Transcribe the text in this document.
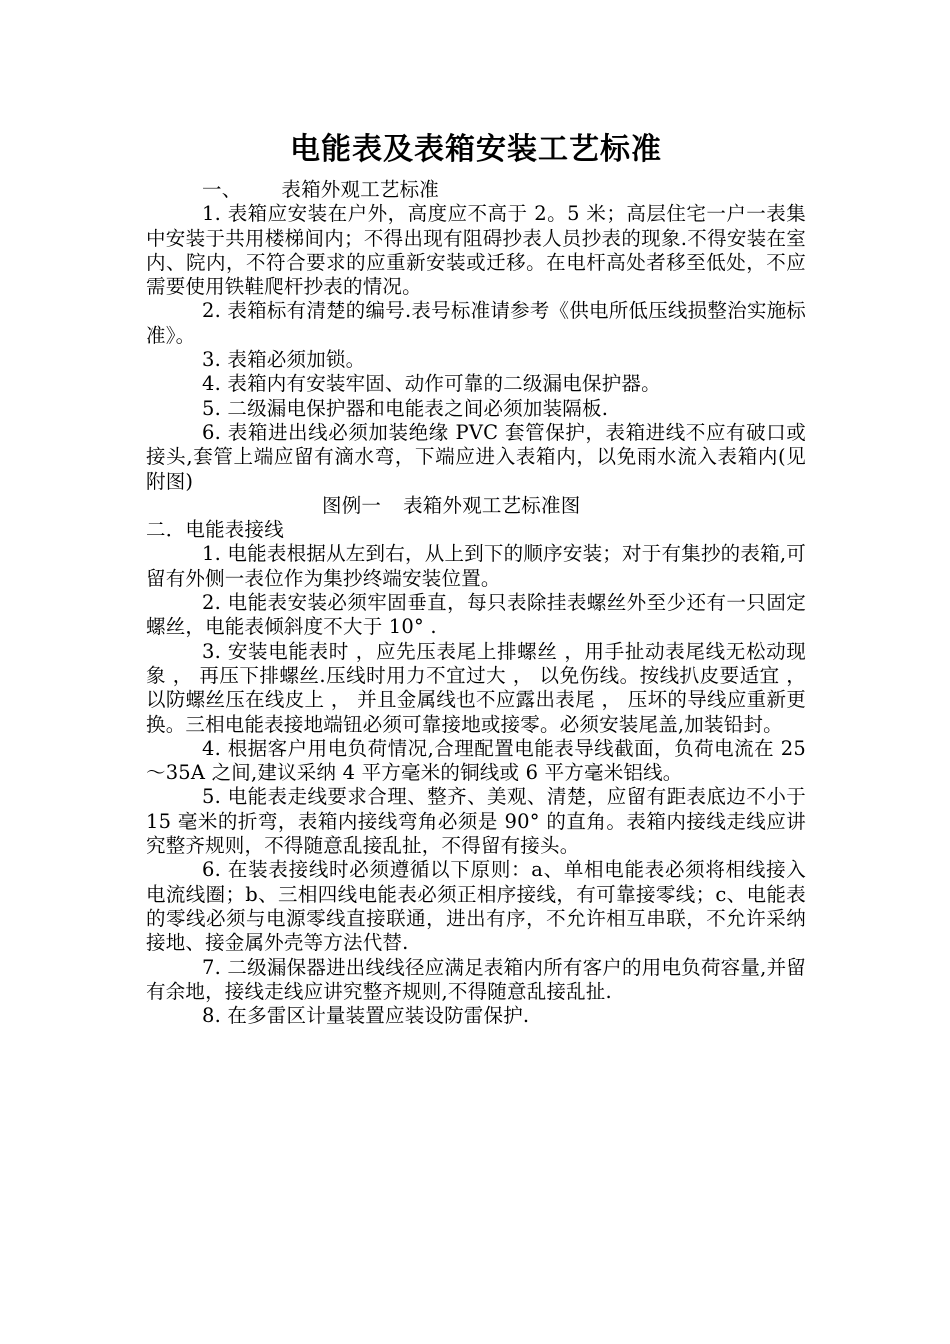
电能表及表箱安装工艺标准
一、 表箱外观工艺标准

1. 表箱应安装在户外，高度应不高于 2。5 米；高层住宅一户一表集中安装于共用楼梯间内；不得出现有阻碍抄表人员抄表的现象.不得安装在室内、院内，不符合要求的应重新安装或迁移。在电杆高处者移至低处，不应需要使用铁鞋爬杆抄表的情况。

2. 表箱标有清楚的编号.表号标准请参考《供电所低压线损整治实施标准》。

3. 表箱必须加锁。

4. 表箱内有安装牢固、动作可靠的二级漏电保护器。

5. 二级漏电保护器和电能表之间必须加装隔板.

6. 表箱进出线必须加装绝缘 PVC 套管保护，表箱进线不应有破口或接头,套管上端应留有滴水弯，下端应进入表箱内，以免雨水流入表箱内(见附图)

图例一 表箱外观工艺标准图
二．电能表接线

1. 电能表根据从左到右，从上到下的顺序安装；对于有集抄的表箱,可留有外侧一表位作为集抄终端安装位置。

2. 电能表安装必须牢固垂直，每只表除挂表螺丝外至少还有一只固定螺丝，电能表倾斜度不大于 10° .

3. 安装电能表时 ，应先压表尾上排螺丝 ，用手扯动表尾线无松动现象 ， 再压下排螺丝.压线时用力不宜过大 ， 以免伤线。按线扒皮要适宜 ， 以防螺丝压在线皮上 ， 并且金属线也不应露出表尾 ， 压坏的导线应重新更换。三相电能表接地端钮必须可靠接地或接零。必须安装尾盖,加装铅封。

4. 根据客户用电负荷情况,合理配置电能表导线截面，负荷电流在 25～35A 之间,建议采纳 4 平方毫米的铜线或 6 平方毫米铝线。

5. 电能表走线要求合理、整齐、美观、清楚，应留有距表底边不小于 15 毫米的折弯，表箱内接线弯角必须是 90° 的直角。表箱内接线走线应讲究整齐规则，不得随意乱接乱扯，不得留有接头。

6. 在装表接线时必须遵循以下原则：a、单相电能表必须将相线接入电流线圈；b、三相四线电能表必须正相序接线，有可靠接零线；c、电能表的零线必须与电源零线直接联通，进出有序，不允许相互串联，不允许采纳接地、接金属外壳等方法代替.

7. 二级漏保器进出线线径应满足表箱内所有客户的用电负荷容量,并留有余地，接线走线应讲究整齐规则,不得随意乱接乱扯.

8. 在多雷区计量装置应装设防雷保护.
